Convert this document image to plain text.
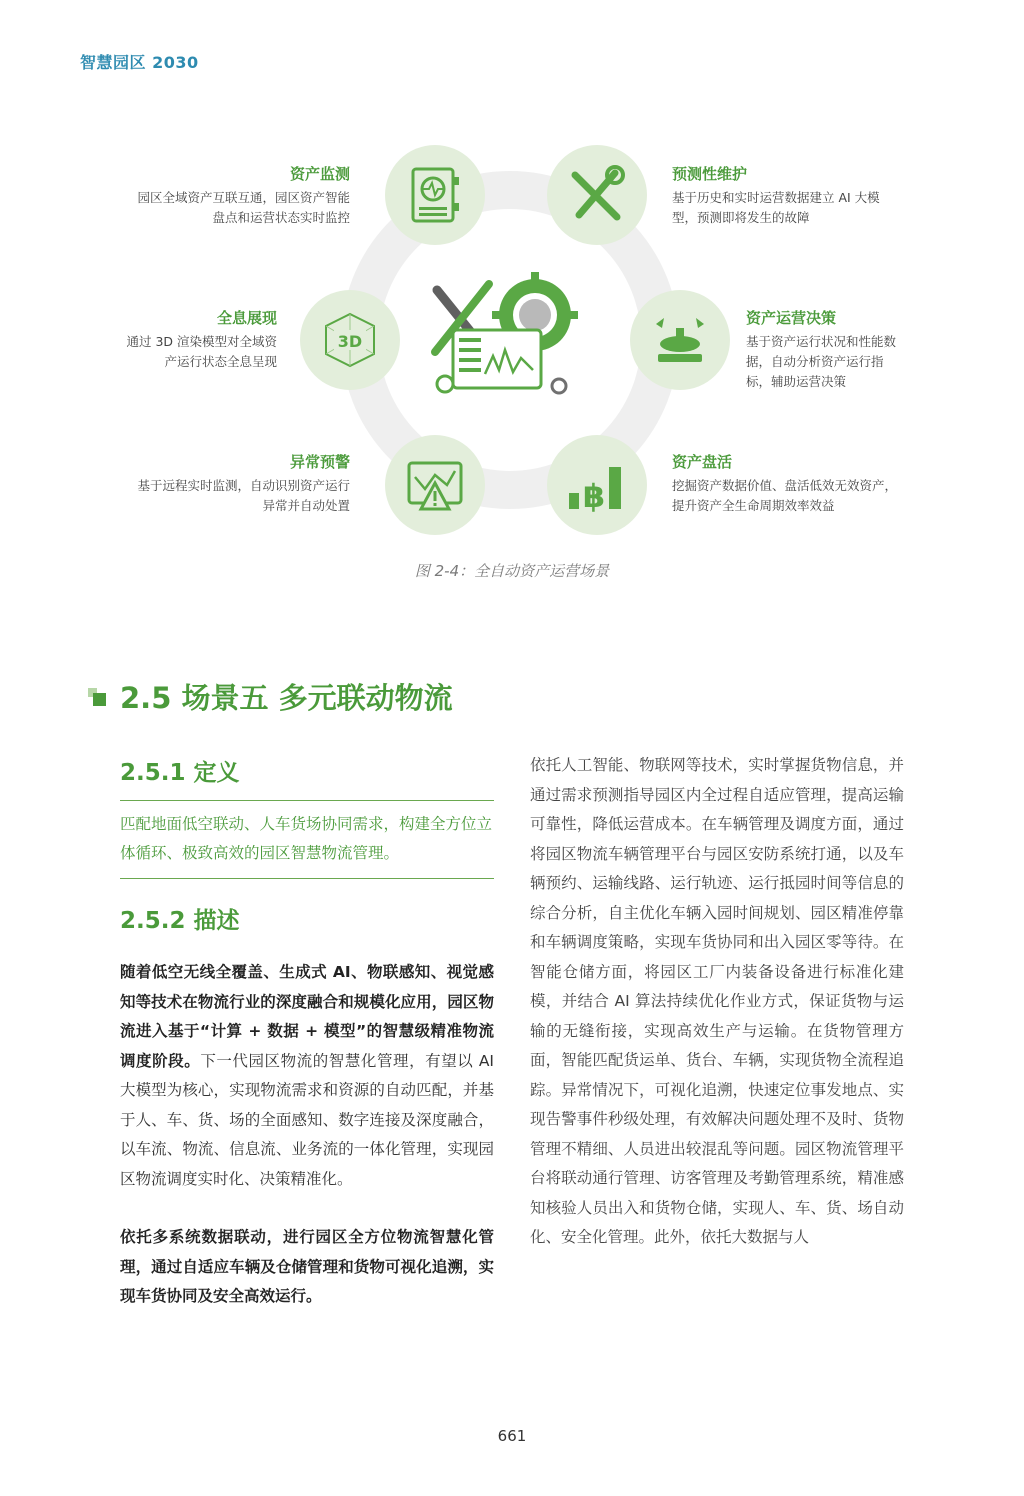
智慧园区 2030
3D
฿
资产监测
园区全域资产互联互通，园区资产智能盘点和运营状态实时监控
预测性维护
基于历史和实时运营数据建立 AI 大模型，预测即将发生的故障
全息展现
通过 3D 渲染模型对全域资产运行状态全息呈现
资产运营决策
基于资产运行状况和性能数据，自动分析资产运行指标，辅助运营决策
异常预警
基于远程实时监测，自动识别资产运行异常并自动处置
资产盘活
挖掘资产数据价值、盘活低效无效资产，提升资产全生命周期效率效益
图 2-4：全自动资产运营场景
2.5 场景五 多元联动物流
2.5.1 定义
匹配地面低空联动、人车货场协同需求，构建全方位立体循环、极致高效的园区智慧物流管理。
2.5.2 描述

随着低空无线全覆盖、生成式 AI、物联感知、视觉感知等技术在物流行业的深度融合和规模化应用，园区物流进入基于“计算 + 数据 + 模型”的智慧级精准物流调度阶段。下一代园区物流的智慧化管理，有望以 AI 大模型为核心，实现物流需求和资源的自动匹配，并基于人、车、货、场的全面感知、数字连接及深度融合，以车流、物流、信息流、业务流的一体化管理，实现园区物流调度实时化、决策精准化。

依托多系统数据联动，进行园区全方位物流智慧化管理，通过自适应车辆及仓储管理和货物可视化追溯，实现车货协同及安全高效运行。

依托人工智能、物联网等技术，实时掌握货物信息，并通过需求预测指导园区内全过程自适应管理，提高运输可靠性，降低运营成本。在车辆管理及调度方面，通过将园区物流车辆管理平台与园区安防系统打通，以及车辆预约、运输线路、运行轨迹、运行抵园时间等信息的综合分析，自主优化车辆入园时间规划、园区精准停靠和车辆调度策略，实现车货协同和出入园区零等待。在智能仓储方面，将园区工厂内装备设备进行标准化建模，并结合 AI 算法持续优化作业方式，保证货物与运输的无缝衔接，实现高效生产与运输。在货物管理方面，智能匹配货运单、货台、车辆，实现货物全流程追踪。异常情况下，可视化追溯，快速定位事发地点、实现告警事件秒级处理，有效解决问题处理不及时、货物管理不精细、人员进出较混乱等问题。园区物流管理平台将联动通行管理、访客管理及考勤管理系统，精准感知核验人员出入和货物仓储，实现人、车、货、场自动化、安全化管理。此外，依托大数据与人
661
